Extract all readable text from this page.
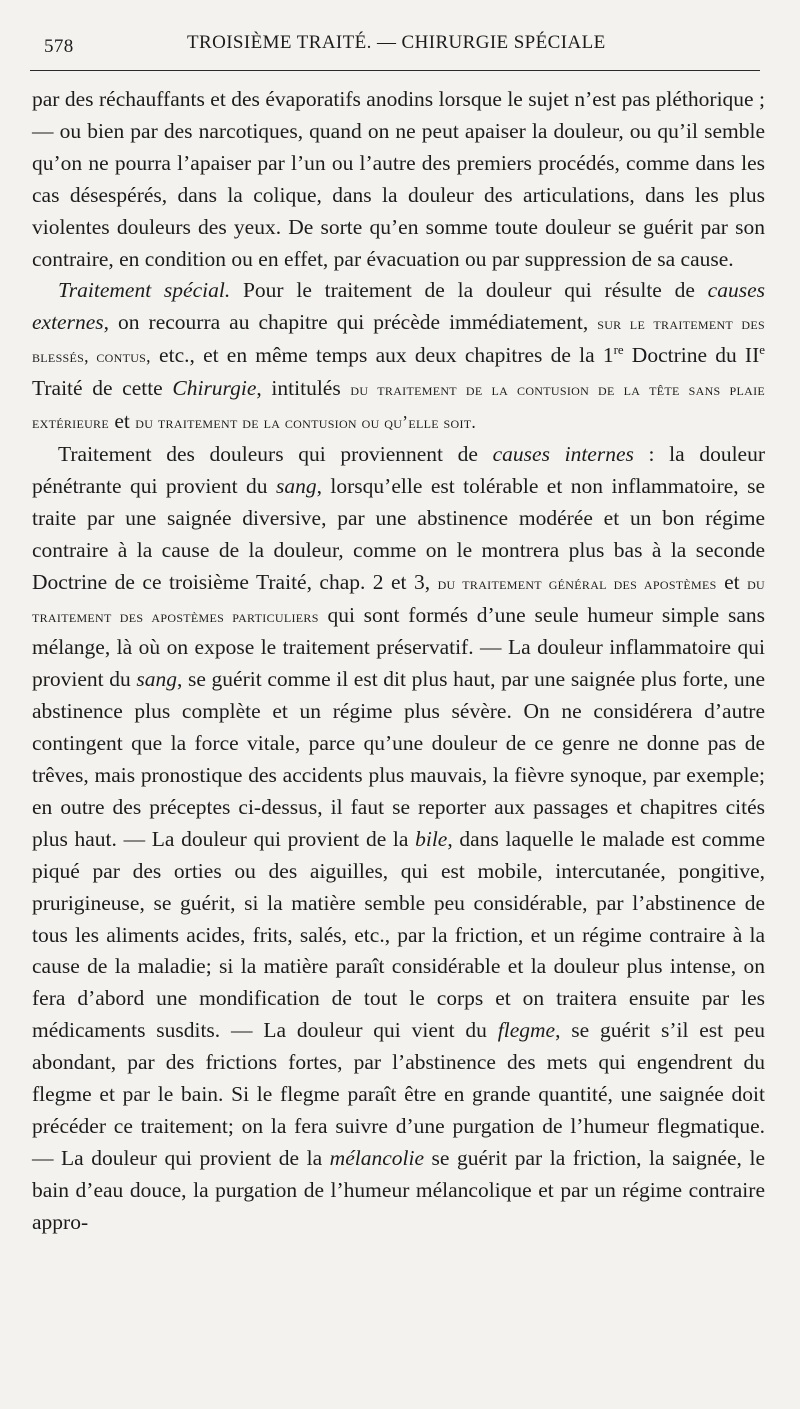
578	TROISIÈME TRAITÉ. — CHIRURGIE SPÉCIALE

par des réchauffants et des évaporatifs anodins lorsque le sujet n’est pas pléthorique ; — ou bien par des narcotiques, quand on ne peut apaiser la douleur, ou qu’il semble qu’on ne pourra l’apaiser par l’un ou l’autre des premiers procédés, comme dans les cas désespérés, dans la colique, dans la douleur des articulations, dans les plus violentes douleurs des yeux. De sorte qu’en somme toute douleur se guérit par son contraire, en condition ou en effet, par évacuation ou par suppression de sa cause.

Traitement spécial. Pour le traitement de la douleur qui résulte de causes externes, on recourra au chapitre qui précède immédiatement, sur le traitement des blessés, contus, etc., et en même temps aux deux chapitres de la 1re Doctrine du IIe Traité de cette Chirurgie, intitulés du traitement de la contusion de la tête sans plaie extérieure et du traitement de la contusion ou qu’elle soit.

Traitement des douleurs qui proviennent de causes internes : la douleur pénétrante qui provient du sang, lorsqu’elle est tolérable et non inflammatoire, se traite par une saignée diversive, par une abstinence modérée et un bon régime contraire à la cause de la douleur, comme on le montrera plus bas à la seconde Doctrine de ce troisième Traité, chap. 2 et 3, du traitement général des apostèmes et du traitement des apostèmes particuliers qui sont formés d’une seule humeur simple sans mélange, là où on expose le traitement préservatif. — La douleur inflammatoire qui provient du sang, se guérit comme il est dit plus haut, par une saignée plus forte, une abstinence plus complète et un régime plus sévère. On ne considérera d’autre contingent que la force vitale, parce qu’une douleur de ce genre ne donne pas de trêves, mais pronostique des accidents plus mauvais, la fièvre synoque, par exemple; en outre des préceptes ci-dessus, il faut se reporter aux passages et chapitres cités plus haut. — La douleur qui provient de la bile, dans laquelle le malade est comme piqué par des orties ou des aiguilles, qui est mobile, intercutanée, pongitive, prurigineuse, se guérit, si la matière semble peu considérable, par l’abstinence de tous les aliments acides, frits, salés, etc., par la friction, et un régime contraire à la cause de la maladie; si la matière paraît considérable et la douleur plus intense, on fera d’abord une mondification de tout le corps et on traitera ensuite par les médicaments susdits. — La douleur qui vient du flegme, se guérit s’il est peu abondant, par des frictions fortes, par l’abstinence des mets qui engendrent du flegme et par le bain. Si le flegme paraît être en grande quantité, une saignée doit précéder ce traitement; on la fera suivre d’une purgation de l’humeur flegmatique. — La douleur qui provient de la mélancolie se guérit par la friction, la saignée, le bain d’eau douce, la purgation de l’humeur mélancolique et par un régime contraire appro-
